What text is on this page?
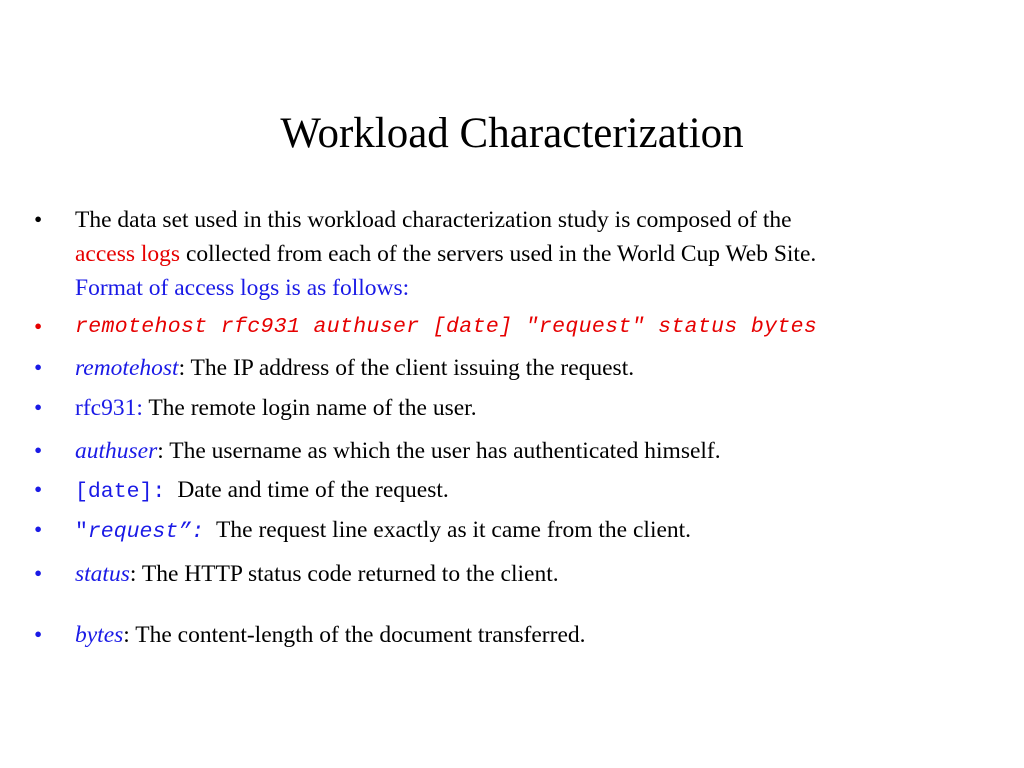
Workload Characterization
•	The data set used in this workload characterization study is composed of the
access logs collected from each of the servers used in the World Cup Web Site.
Format of access logs is as follows:
•	remotehost rfc931 authuser [date] "request" status bytes
•	remotehost: The IP address of the client issuing the request.
•	rfc931: The remote login name of the user.
•	authuser: The username as which the user has authenticated himself.
•	[date]: Date and time of the request.
•	"request”: The request line exactly as it came from the client.
•	status: The HTTP status code returned to the client.
•	bytes: The content-length of the document transferred.
